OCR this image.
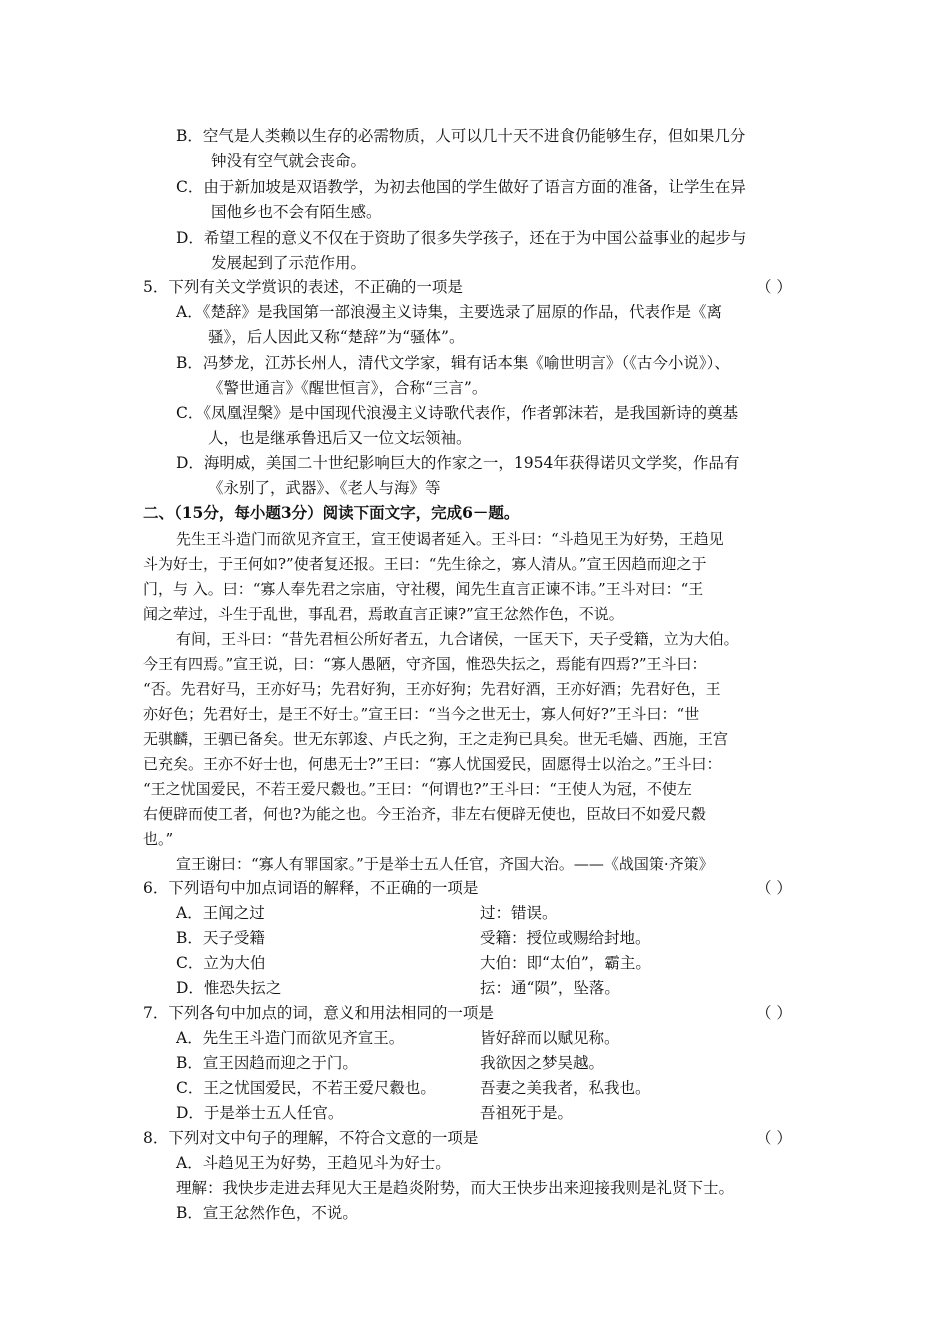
B．空气是人类赖以生存的必需物质，人可以几十天不进食仍能够生存，但如果几分
钟没有空气就会丧命。
C．由于新加坡是双语教学，为初去他国的学生做好了语言方面的准备，让学生在异
国他乡也不会有陌生感。
D．希望工程的意义不仅在于资助了很多失学孩子，还在于为中国公益事业的起步与
发展起到了示范作用。
5．下列有关文学赏识的表述，不正确的一项是	（ ）
A．《楚辞》是我国第一部浪漫主义诗集，主要选录了屈原的作品，代表作是《离
骚》，后人因此又称“楚辞”为“骚体”。
B．冯梦龙，江苏长州人，清代文学家，辑有话本集《喻世明言》（《古今小说》）、
《警世通言》《醒世恒言》，合称“三言”。
C．《凤凰涅槃》是中国现代浪漫主义诗歌代表作，作者郭沫若，是我国新诗的奠基
人，也是继承鲁迅后又一位文坛领袖。
D．海明威，美国二十世纪影响巨大的作家之一，1954年获得诺贝文学奖，作品有
《永别了，武器》、《老人与海》等
二、（15分，每小题3分）阅读下面文字，完成6－题。
先生王斗造门而欲见齐宣王，宣王使谒者延入。王斗曰：“斗趋见王为好势，王趋见
斗为好士，于王何如?”使者复还报。王曰：“先生徐之，寡人清从。”宣王因趋而迎之于
门，与 入。曰：“寡人奉先君之宗庙，守社稷，闻先生直言正谏不讳。”王斗对曰：“王
闻之荦过，斗生于乱世，事乱君，焉敢直言正谏?”宣王忿然作色，不说。
有间，王斗曰：“昔先君桓公所好者五，九合诸侯，一匡天下，天子受籍，立为大伯。
今王有四焉。”宣王说，曰：“寡人愚陋，守齐国，惟恐失抎之，焉能有四焉?”王斗曰：
“否。先君好马，王亦好马；先君好狗，王亦好狗；先君好酒，王亦好酒；先君好色，王
亦好色；先君好士，是王不好士。”宣王曰：“当今之世无士，寡人何好?”王斗曰：“世
无骐麟，王驷已备矣。世无东郭逡、卢氏之狗，王之走狗已具矣。世无毛嫱、西施，王宫
已充矣。王亦不好士也，何患无士?”王曰：“寡人忧国爱民，固愿得士以治之。”王斗曰：
“王之忧国爱民，不若王爱尺縠也。”王曰：“何谓也?”王斗曰：“王使人为冠，不使左
右便辟而使工者，何也?为能之也。今王治齐，非左右便辟无使也，臣故曰不如爱尺縠
也。”
宣王谢曰：“寡人有罪国家。”于是举士五人任官，齐国大治。——《战国策·齐策》
6．下列语句中加点词语的解释，不正确的一项是	（ ）
A．王闻之过	过：错误。
B．天子受籍	受籍：授位或赐给封地。
C．立为大伯	大伯：即“太伯”，霸主。
D．惟恐失抎之	抎：通“陨”，坠落。
7．下列各句中加点的词，意义和用法相同的一项是	（ ）
A．先生王斗造门而欲见齐宣王。	皆好辞而以赋见称。
B．宣王因趋而迎之于门。	我欲因之梦吴越。
C．王之忧国爱民，不若王爱尺縠也。	吾妻之美我者，私我也。
D．于是举士五人任官。	吾祖死于是。
8．下列对文中句子的理解，不符合文意的一项是	（ ）
A．斗趋见王为好势，王趋见斗为好士。
理解：我快步走进去拜见大王是趋炎附势，而大王快步出来迎接我则是礼贤下士。
B．宣王忿然作色，不说。
